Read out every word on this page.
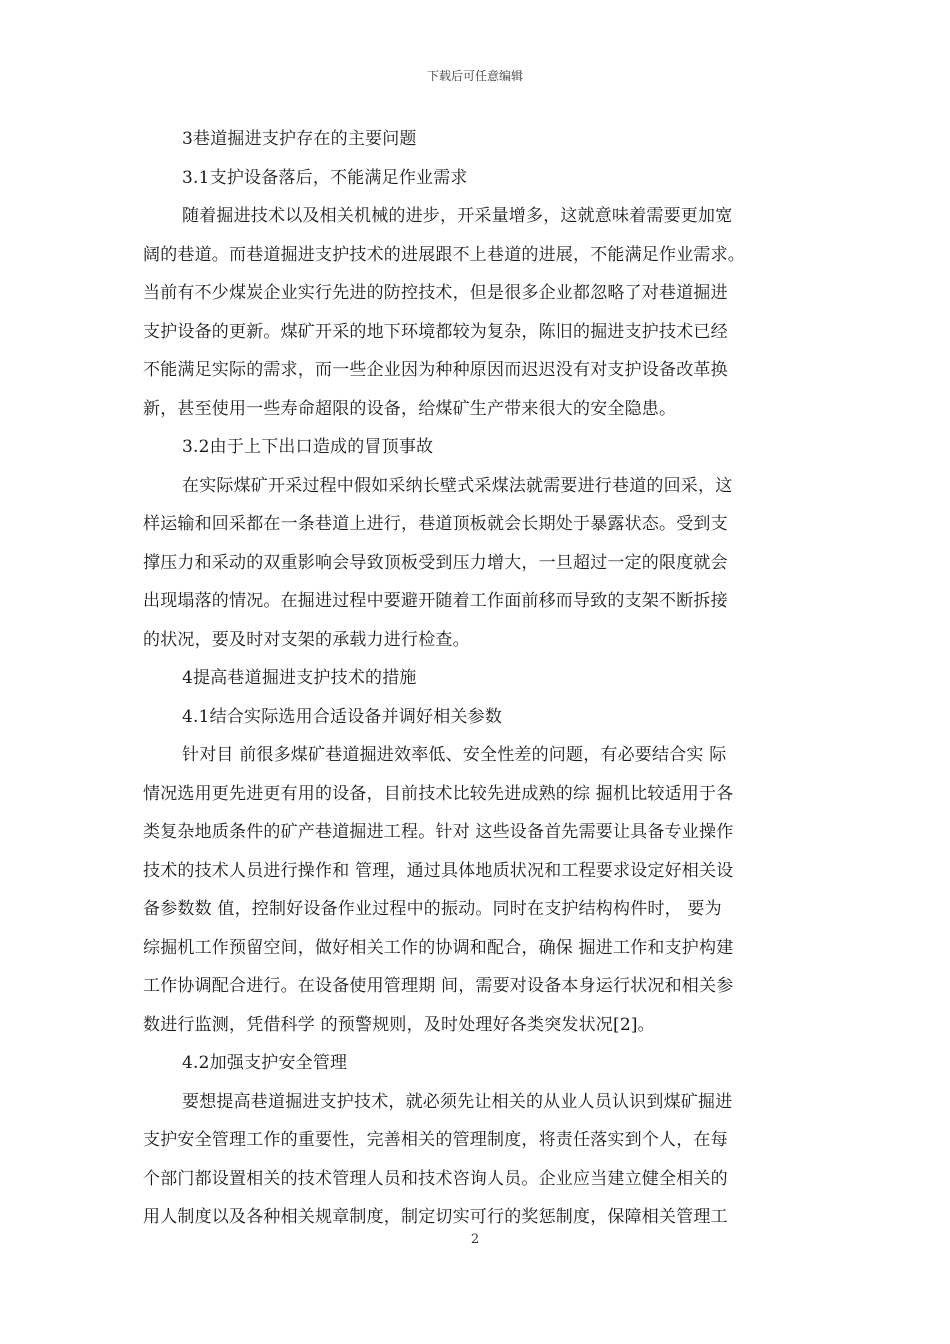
下载后可任意编辑
3巷道掘进支护存在的主要问题
3.1支护设备落后，不能满足作业需求
随着掘进技术以及相关机械的进步，开采量增多，这就意味着需要更加宽
阔的巷道。而巷道掘进支护技术的进展跟不上巷道的进展，不能满足作业需求。
当前有不少煤炭企业实行先进的防控技术，但是很多企业都忽略了对巷道掘进
支护设备的更新。煤矿开采的地下环境都较为复杂，陈旧的掘进支护技术已经
不能满足实际的需求，而一些企业因为种种原因而迟迟没有对支护设备改革换
新，甚至使用一些寿命超限的设备，给煤矿生产带来很大的安全隐患。
3.2由于上下出口造成的冒顶事故
在实际煤矿开采过程中假如采纳长壁式采煤法就需要进行巷道的回采，这
样运输和回采都在一条巷道上进行，巷道顶板就会长期处于暴露状态。受到支
撑压力和采动的双重影响会导致顶板受到压力增大，一旦超过一定的限度就会
出现塌落的情况。在掘进过程中要避开随着工作面前移而导致的支架不断拆接
的状况，要及时对支架的承载力进行检查。
4提高巷道掘进支护技术的措施
4.1结合实际选用合适设备并调好相关参数
针对目 前很多煤矿巷道掘进效率低、安全性差的问题，有必要结合实 际
情况选用更先进更有用的设备，目前技术比较先进成熟的综 掘机比较适用于各
类复杂地质条件的矿产巷道掘进工程。针对 这些设备首先需要让具备专业操作
技术的技术人员进行操作和 管理，通过具体地质状况和工程要求设定好相关设
备参数数 值，控制好设备作业过程中的振动。同时在支护结构构件时， 要为
综掘机工作预留空间，做好相关工作的协调和配合，确保 掘进工作和支护构建
工作协调配合进行。在设备使用管理期 间，需要对设备本身运行状况和相关参
数进行监测，凭借科学 的预警规则，及时处理好各类突发状况[2]。
4.2加强支护安全管理
要想提高巷道掘进支护技术，就必须先让相关的从业人员认识到煤矿掘进
支护安全管理工作的重要性，完善相关的管理制度，将责任落实到个人，在每
个部门都设置相关的技术管理人员和技术咨询人员。企业应当建立健全相关的
用人制度以及各种相关规章制度，制定切实可行的奖惩制度，保障相关管理工
2
